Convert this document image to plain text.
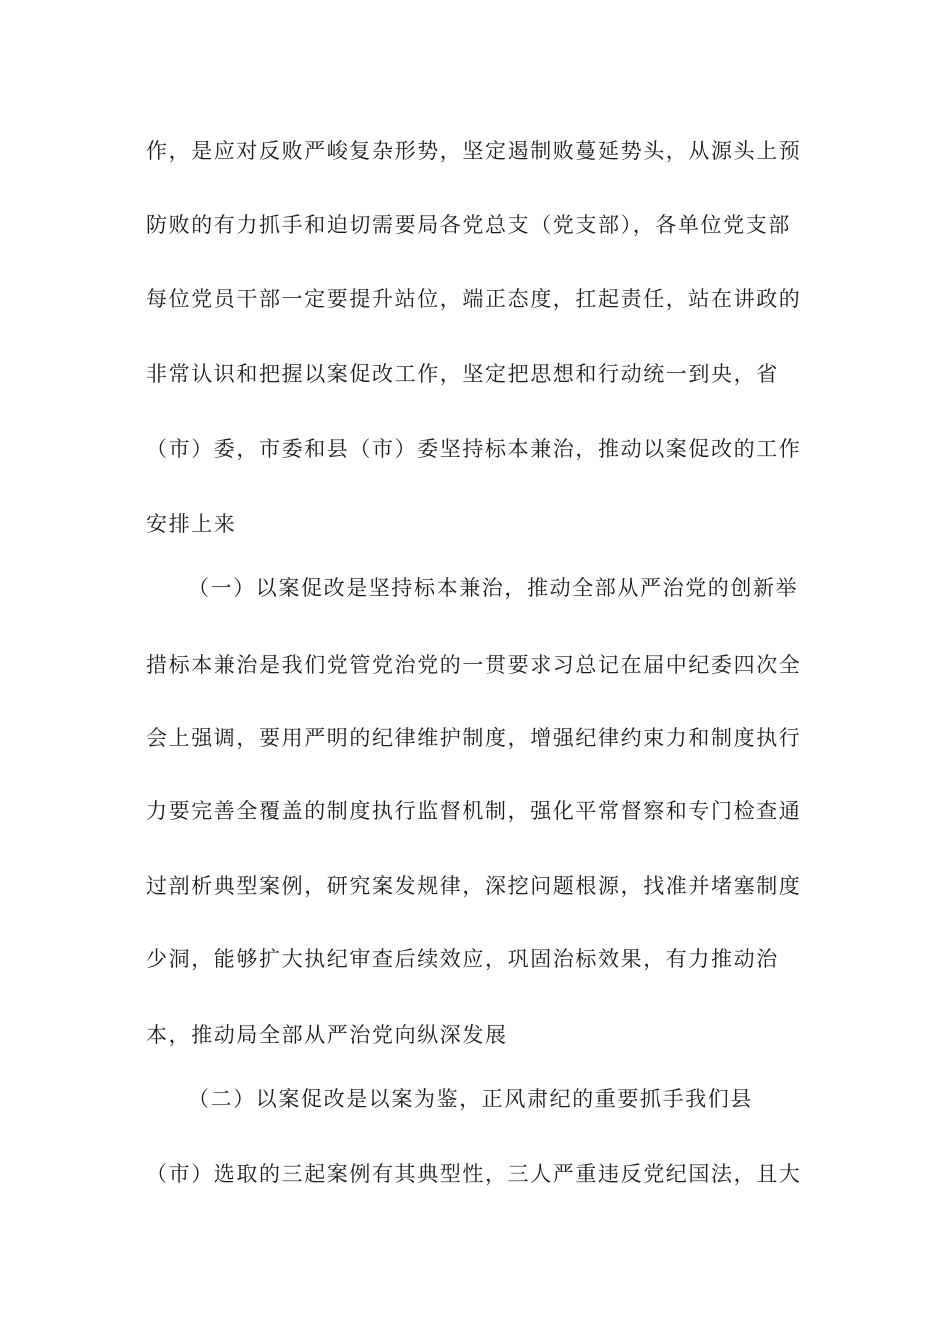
作，是应对反败严峻复杂形势，坚定遏制败蔓延势头，从源头上预
防败的有力抓手和迫切需要局各党总支（党支部），各单位党支部
每位党员干部一定要提升站位，端正态度，扛起责任，站在讲政的
非常认识和把握以案促改工作，坚定把思想和行动统一到央，省
（市）委，市委和县（市）委坚持标本兼治，推动以案促改的工作
安排上来
（一）以案促改是坚持标本兼治，推动全部从严治党的创新举
措标本兼治是我们党管党治党的一贯要求习总记在届中纪委四次全
会上强调，要用严明的纪律维护制度，增强纪律约束力和制度执行
力要完善全覆盖的制度执行监督机制，强化平常督察和专门检查通
过剖析典型案例，研究案发规律，深挖问题根源，找准并堵塞制度
少洞，能够扩大执纪审查后续效应，巩固治标效果，有力推动治
本，推动局全部从严治党向纵深发展
（二）以案促改是以案为鉴，正风肃纪的重要抓手我们县
（市）选取的三起案例有其典型性，三人严重违反党纪国法，且大
